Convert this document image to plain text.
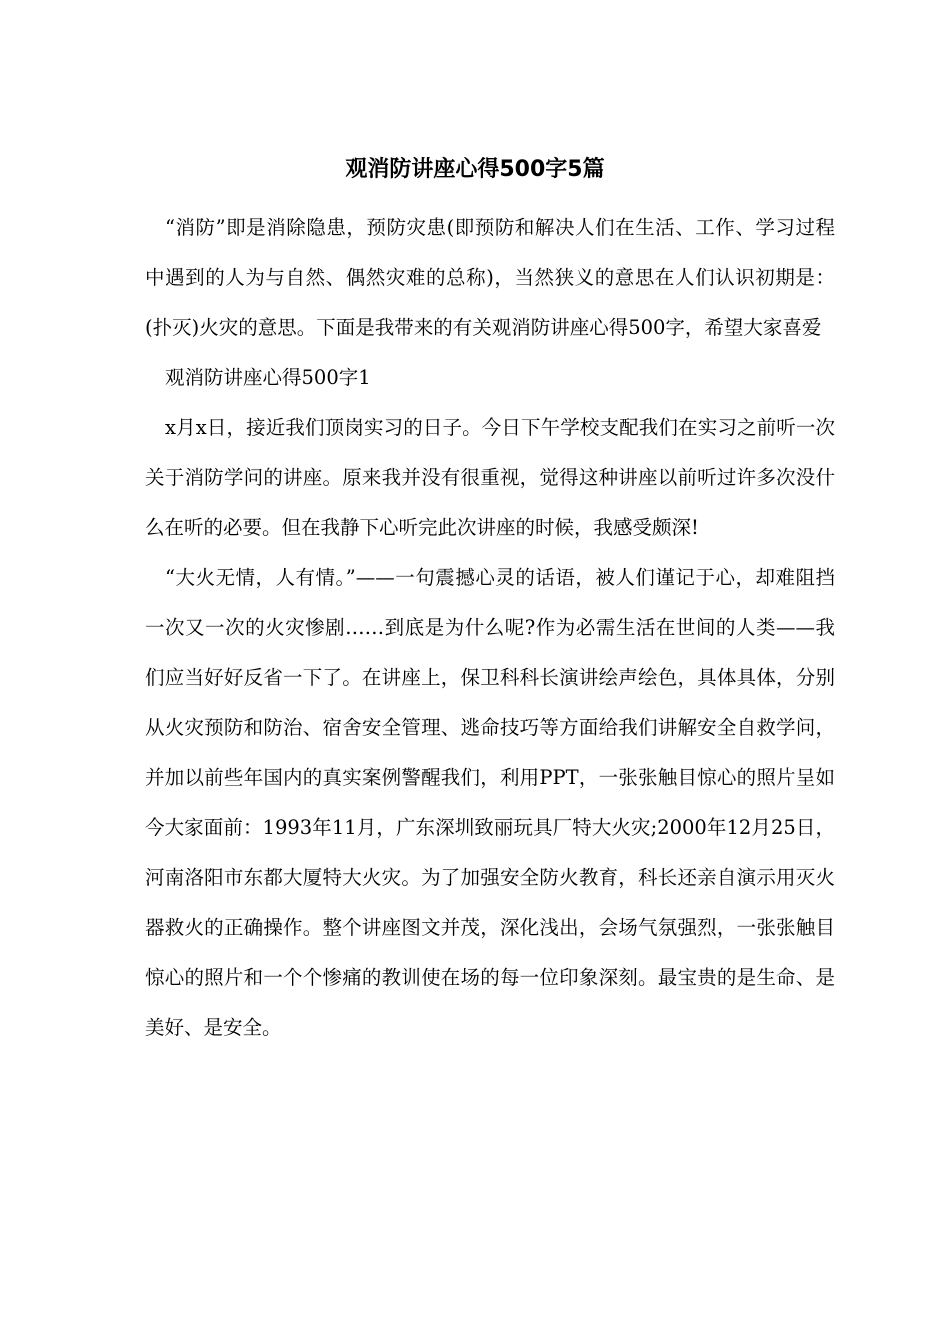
观消防讲座心得500字5篇

“消防”即是消除隐患，预防灾患(即预防和解决人们在生活、工作、学习过程中遇到的人为与自然、偶然灾难的总称)，当然狭义的意思在人们认识初期是：(扑灭)火灾的意思。下面是我带来的有关观消防讲座心得500字，希望大家喜爱

观消防讲座心得500字1

x月x日，接近我们顶岗实习的日子。今日下午学校支配我们在实习之前听一次关于消防学问的讲座。原来我并没有很重视，觉得这种讲座以前听过许多次没什么在听的必要。但在我静下心听完此次讲座的时候，我感受颇深!

“大火无情，人有情。”——一句震撼心灵的话语，被人们谨记于心，却难阻挡一次又一次的火灾惨剧……到底是为什么呢?作为必需生活在世间的人类——我们应当好好反省一下了。在讲座上，保卫科科长演讲绘声绘色，具体具体，分别从火灾预防和防治、宿舍安全管理、逃命技巧等方面给我们讲解安全自救学问，并加以前些年国内的真实案例警醒我们，利用PPT，一张张触目惊心的照片呈如今大家面前：1993年11月，广东深圳致丽玩具厂特大火灾;2000年12月25日，河南洛阳市东都大厦特大火灾。为了加强安全防火教育，科长还亲自演示用灭火器救火的正确操作。整个讲座图文并茂，深化浅出，会场气氛强烈，一张张触目惊心的照片和一个个惨痛的教训使在场的每一位印象深刻。最宝贵的是生命、是美好、是安全。
